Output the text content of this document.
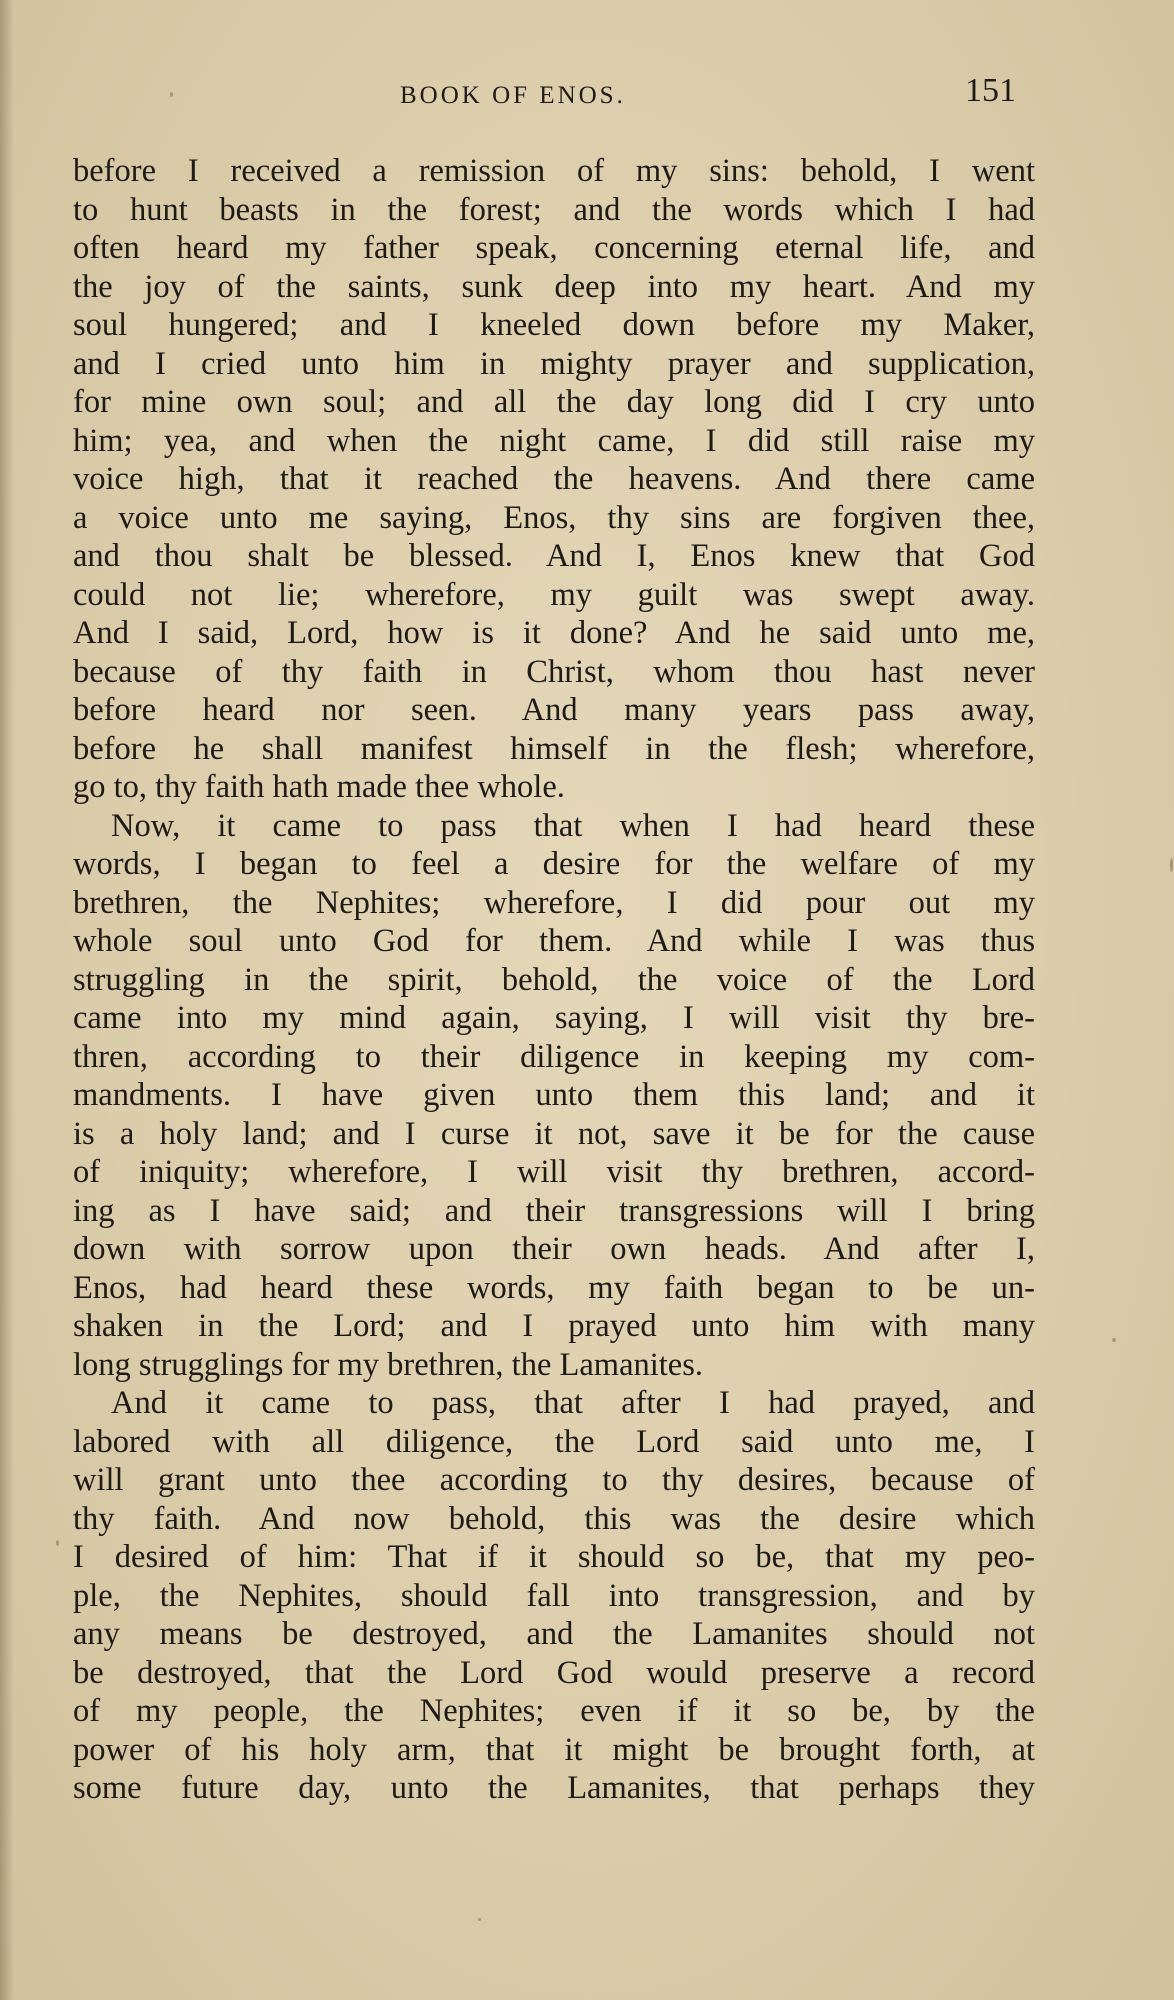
BOOK OF ENOS.	151
before I received a remission of my sins: behold, I went
to hunt beasts in the forest; and the words which I had
often heard my father speak, concerning eternal life, and
the joy of the saints, sunk deep into my heart. And my
soul hungered; and I kneeled down before my Maker,
and I cried unto him in mighty prayer and supplication,
for mine own soul; and all the day long did I cry unto
him; yea, and when the night came, I did still raise my
voice high, that it reached the heavens. And there came
a voice unto me saying, Enos, thy sins are forgiven thee,
and thou shalt be blessed. And I, Enos knew that God
could not lie; wherefore, my guilt was swept away.
And I said, Lord, how is it done? And he said unto me,
because of thy faith in Christ, whom thou hast never
before heard nor seen. And many years pass away,
before he shall manifest himself in the flesh; wherefore,
go to, thy faith hath made thee whole.
Now, it came to pass that when I had heard these
words, I began to feel a desire for the welfare of my
brethren, the Nephites; wherefore, I did pour out my
whole soul unto God for them. And while I was thus
struggling in the spirit, behold, the voice of the Lord
came into my mind again, saying, I will visit thy bre-
thren, according to their diligence in keeping my com-
mandments. I have given unto them this land; and it
is a holy land; and I curse it not, save it be for the cause
of iniquity; wherefore, I will visit thy brethren, accord-
ing as I have said; and their transgressions will I bring
down with sorrow upon their own heads. And after I,
Enos, had heard these words, my faith began to be un-
shaken in the Lord; and I prayed unto him with many
long strugglings for my brethren, the Lamanites.
And it came to pass, that after I had prayed, and
labored with all diligence, the Lord said unto me, I
will grant unto thee according to thy desires, because of
thy faith. And now behold, this was the desire which
I desired of him: That if it should so be, that my peo-
ple, the Nephites, should fall into transgression, and by
any means be destroyed, and the Lamanites should not
be destroyed, that the Lord God would preserve a record
of my people, the Nephites; even if it so be, by the
power of his holy arm, that it might be brought forth, at
some future day, unto the Lamanites, that perhaps they
